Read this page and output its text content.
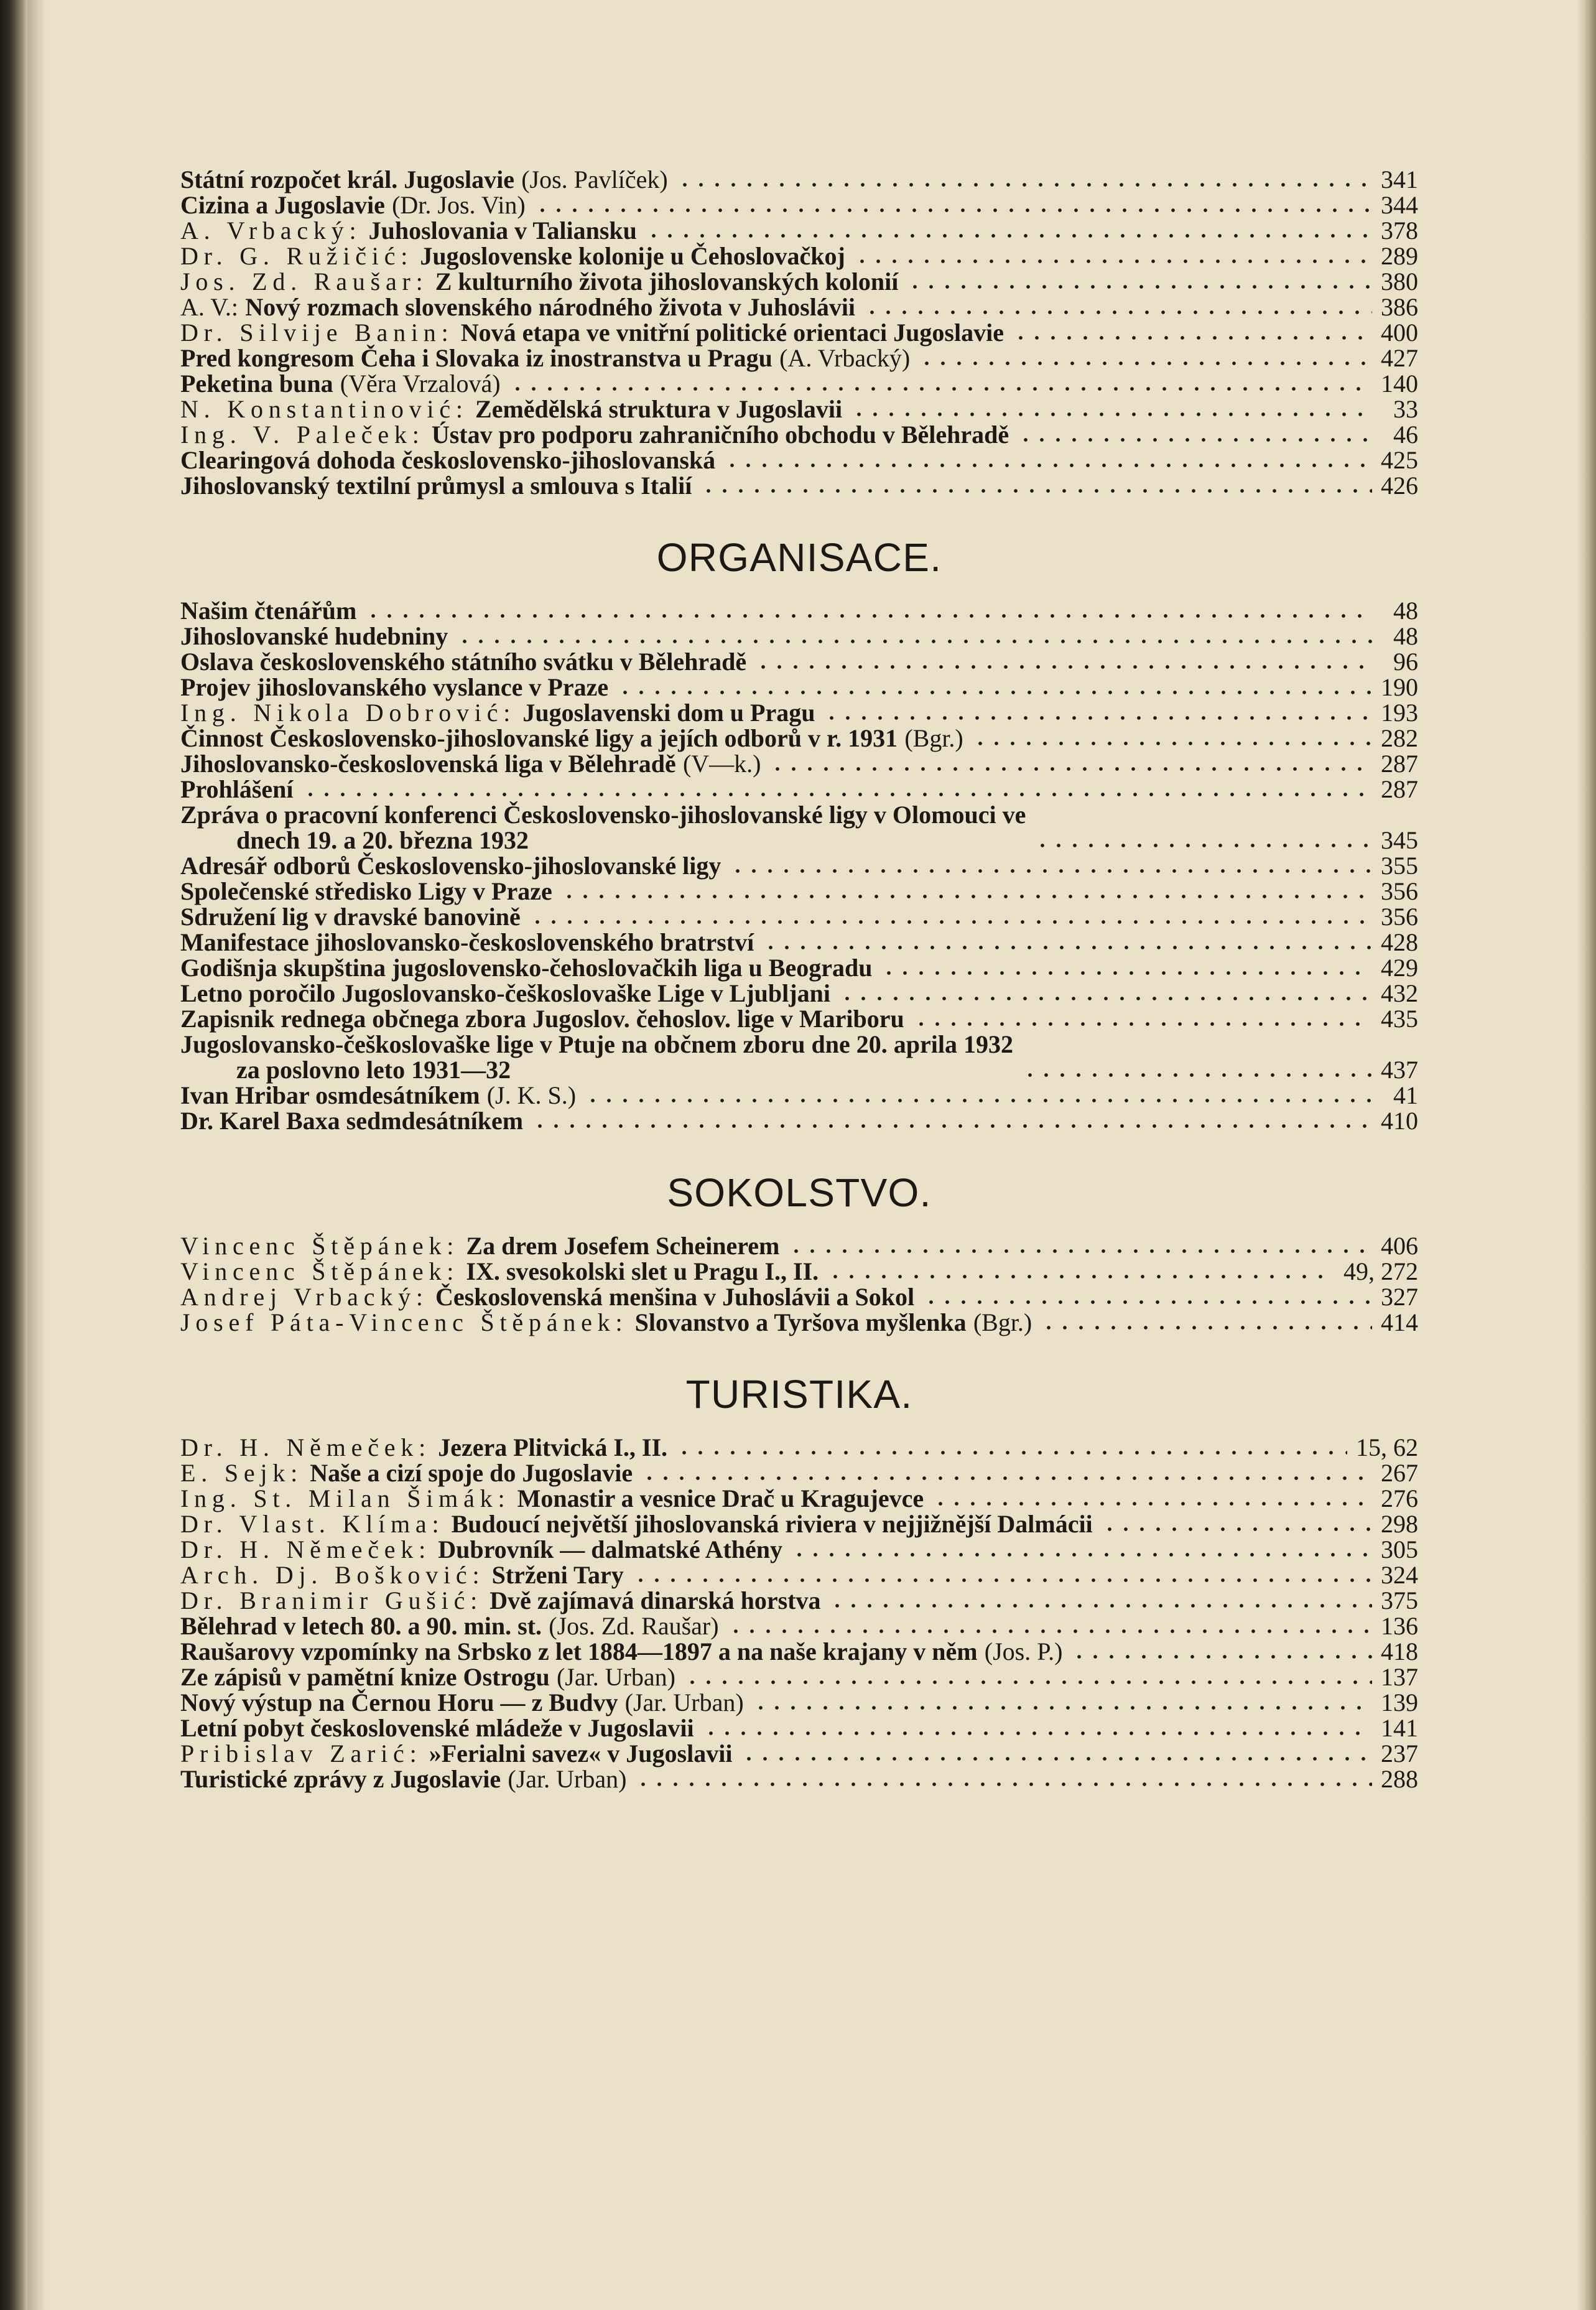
Státní rozpočet král. Jugoslavie (Jos. Pavlíček)	341
Cizina a Jugoslavie (Dr. Jos. Vin)	344
A. Vrbacký: Juhoslovania v Taliansku	378
Dr. G. Ružičić: Jugoslovenske kolonije u Čehoslovačkoj	289
Jos. Zd. Raušar: Z kulturního života jihoslovanských kolonií	380
A. V.: Nový rozmach slovenského národného života v Juhoslávii	386
Dr. Silvije Banin: Nová etapa ve vnitřní politické orientaci Jugoslavie	400
Pred kongresom Čeha i Slovaka iz inostranstva u Pragu (A. Vrbacký)	427
Peketina buna (Věra Vrzalová)	140
N. Konstantinović: Zemědělská struktura v Jugoslavii	33
Ing. V. Paleček: Ústav pro podporu zahraničního obchodu v Bělehradě	46
Clearingová dohoda československo-jihoslovanská	425
Jihoslovanský textilní průmysl a smlouva s Italií	426
ORGANISACE.
Našim čtenářům	48
Jihoslovanské hudebniny	48
Oslava československého státního svátku v Bělehradě	96
Projev jihoslovanského vyslance v Praze	190
Ing. Nikola Dobrović: Jugoslavenski dom u Pragu	193
Činnost Československo-jihoslovanské ligy a jejích odborů v r. 1931 (Bgr.)	282
Jihoslovansko-československá liga v Bělehradě (V—k.)	287
Prohlášení	287
Zpráva o pracovní konferenci Československo-jihoslovanské ligy v Olomouci ve
dnech 19. a 20. března 1932	345
Adresář odborů Československo-jihoslovanské ligy	355
Společenské středisko Ligy v Praze	356
Sdružení lig v dravské banovině	356
Manifestace jihoslovansko-československého bratrství	428
Godišnja skupština jugoslovensko-čehoslovačkih liga u Beogradu	429
Letno poročilo Jugoslovansko-češkoslovaške Lige v Ljubljani	432
Zapisnik rednega občnega zbora Jugoslov. čehoslov. lige v Mariboru	435
Jugoslovansko-češkoslovaške lige v Ptuje na občnem zboru dne 20. aprila 1932
za poslovno leto 1931—32	437
Ivan Hribar osmdesátníkem (J. K. S.)	41
Dr. Karel Baxa sedmdesátníkem	410
SOKOLSTVO.
Vincenc Štěpánek: Za drem Josefem Scheinerem	406
Vincenc Štěpánek: IX. svesokolski slet u Pragu I., II.	49, 272
Andrej Vrbacký: Československá menšina v Juhoslávii a Sokol	327
Josef Páta-Vincenc Štěpánek: Slovanstvo a Tyršova myšlenka (Bgr.)	414
TURISTIKA.
Dr. H. Němeček: Jezera Plitvická I., II.	15, 62
E. Sejk: Naše a cizí spoje do Jugoslavie	267
Ing. St. Milan Šimák: Monastir a vesnice Drač u Kragujevce	276
Dr. Vlast. Klíma: Budoucí největší jihoslovanská riviera v nejjižnější Dalmácii	298
Dr. H. Němeček: Dubrovník — dalmatské Athény	305
Arch. Dj. Bošković: Strženi Tary	324
Dr. Branimir Gušić: Dvě zajímavá dinarská horstva	375
Bělehrad v letech 80. a 90. min. st. (Jos. Zd. Raušar)	136
Raušarovy vzpomínky na Srbsko z let 1884—1897 a na naše krajany v něm (Jos. P.)	418
Ze zápisů v pamětní knize Ostrogu (Jar. Urban)	137
Nový výstup na Černou Horu — z Budvy (Jar. Urban)	139
Letní pobyt československé mládeže v Jugoslavii	141
Pribislav Zarić: »Ferialni savez« v Jugoslavii	237
Turistické zprávy z Jugoslavie (Jar. Urban)	288
